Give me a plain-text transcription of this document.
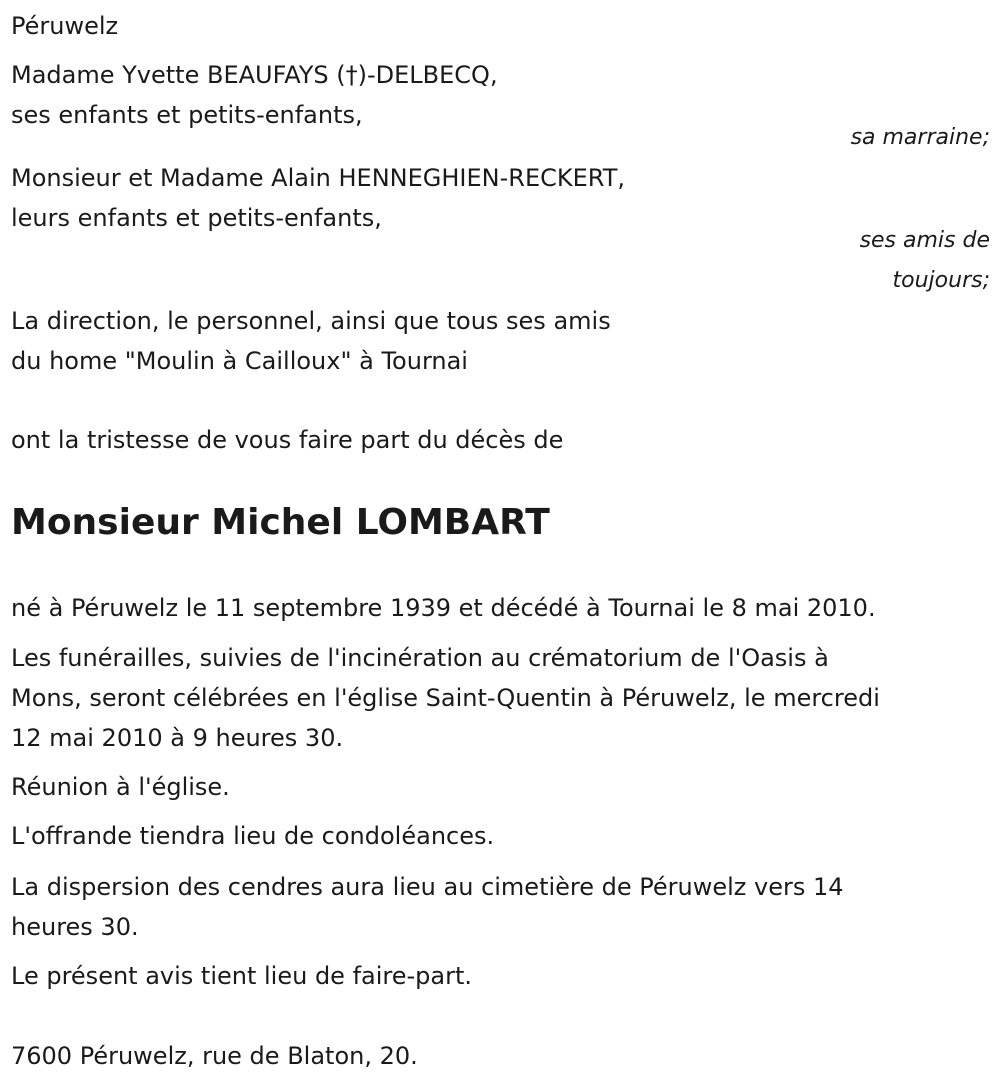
Péruwelz

Madame Yvette BEAUFAYS (†)-DELBECQ,

ses enfants et petits-enfants,

sa marraine;

Monsieur et Madame Alain HENNEGHIEN-RECKERT,

leurs enfants et petits-enfants,

ses amis de

toujours;

La direction, le personnel, ainsi que tous ses amis

du home "Moulin à Cailloux" à Tournai

ont la tristesse de vous faire part du décès de

Monsieur Michel LOMBART

né à Péruwelz le 11 septembre 1939 et décédé à Tournai le 8 mai 2010.

Les funérailles, suivies de l'incinération au crématorium de l'Oasis à

Mons, seront célébrées en l'église Saint-Quentin à Péruwelz, le mercredi

12 mai 2010 à 9 heures 30.

Réunion à l'église.

L'offrande tiendra lieu de condoléances.

La dispersion des cendres aura lieu au cimetière de Péruwelz vers 14

heures 30.

Le présent avis tient lieu de faire-part.

7600 Péruwelz, rue de Blaton, 20.
